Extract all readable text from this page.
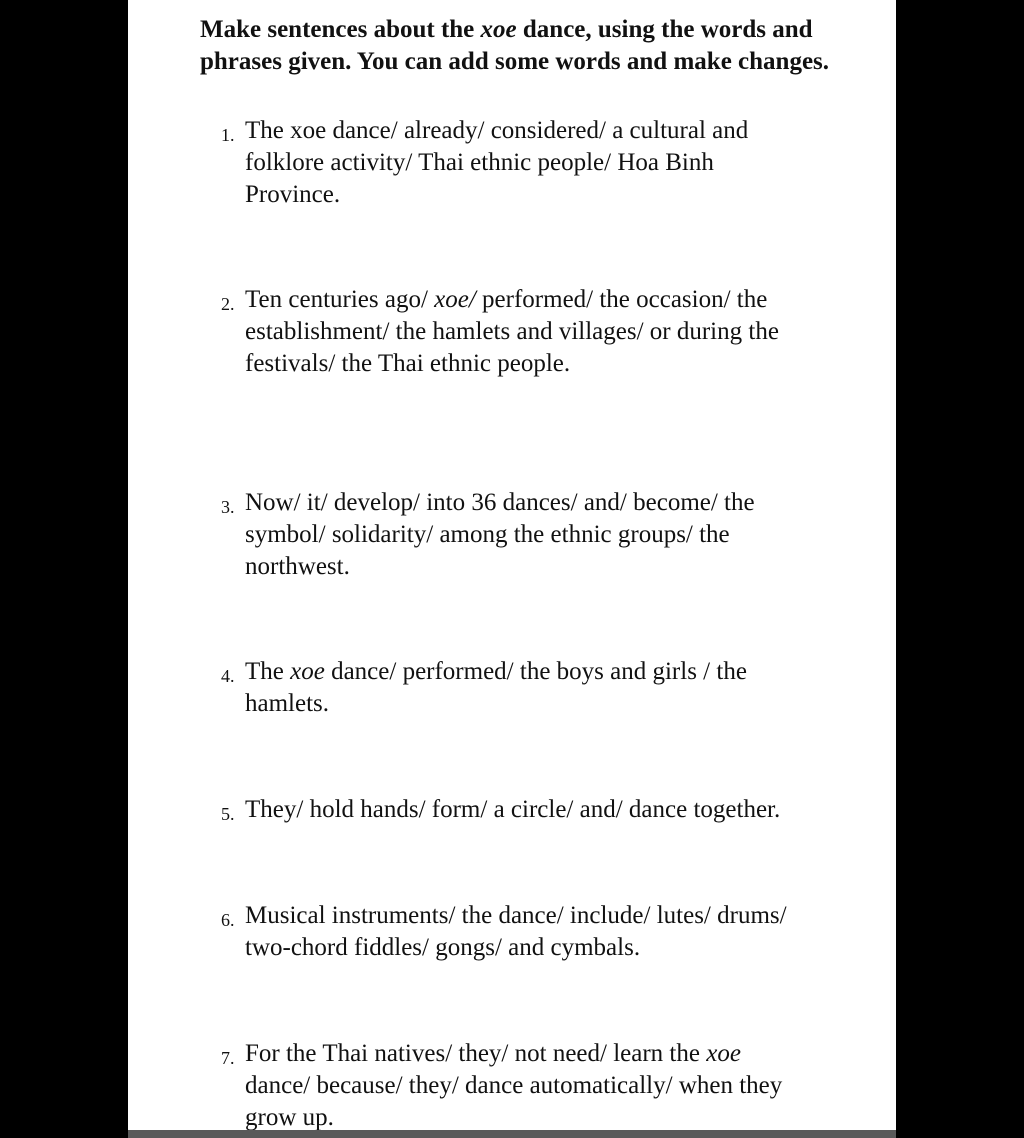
Make sentences about the xoe dance, using the words and phrases given. You can add some words and make changes.

1. The xoe dance/ already/ considered/ a cultural and
folklore activity/ Thai ethnic people/ Hoa Binh
Province.
2. Ten centuries ago/ xoe/ performed/ the occasion/ the
establishment/ the hamlets and villages/ or during the
festivals/ the Thai ethnic people.
3. Now/ it/ develop/ into 36 dances/ and/ become/ the
symbol/ solidarity/ among the ethnic groups/ the
northwest.
4. The xoe dance/ performed/ the boys and girls / the
hamlets.
5. They/ hold hands/ form/ a circle/ and/ dance together.
6. Musical instruments/ the dance/ include/ lutes/ drums/
two-chord fiddles/ gongs/ and cymbals.
7. For the Thai natives/ they/ not need/ learn the xoe
dance/ because/ they/ dance automatically/ when they
grow up.
